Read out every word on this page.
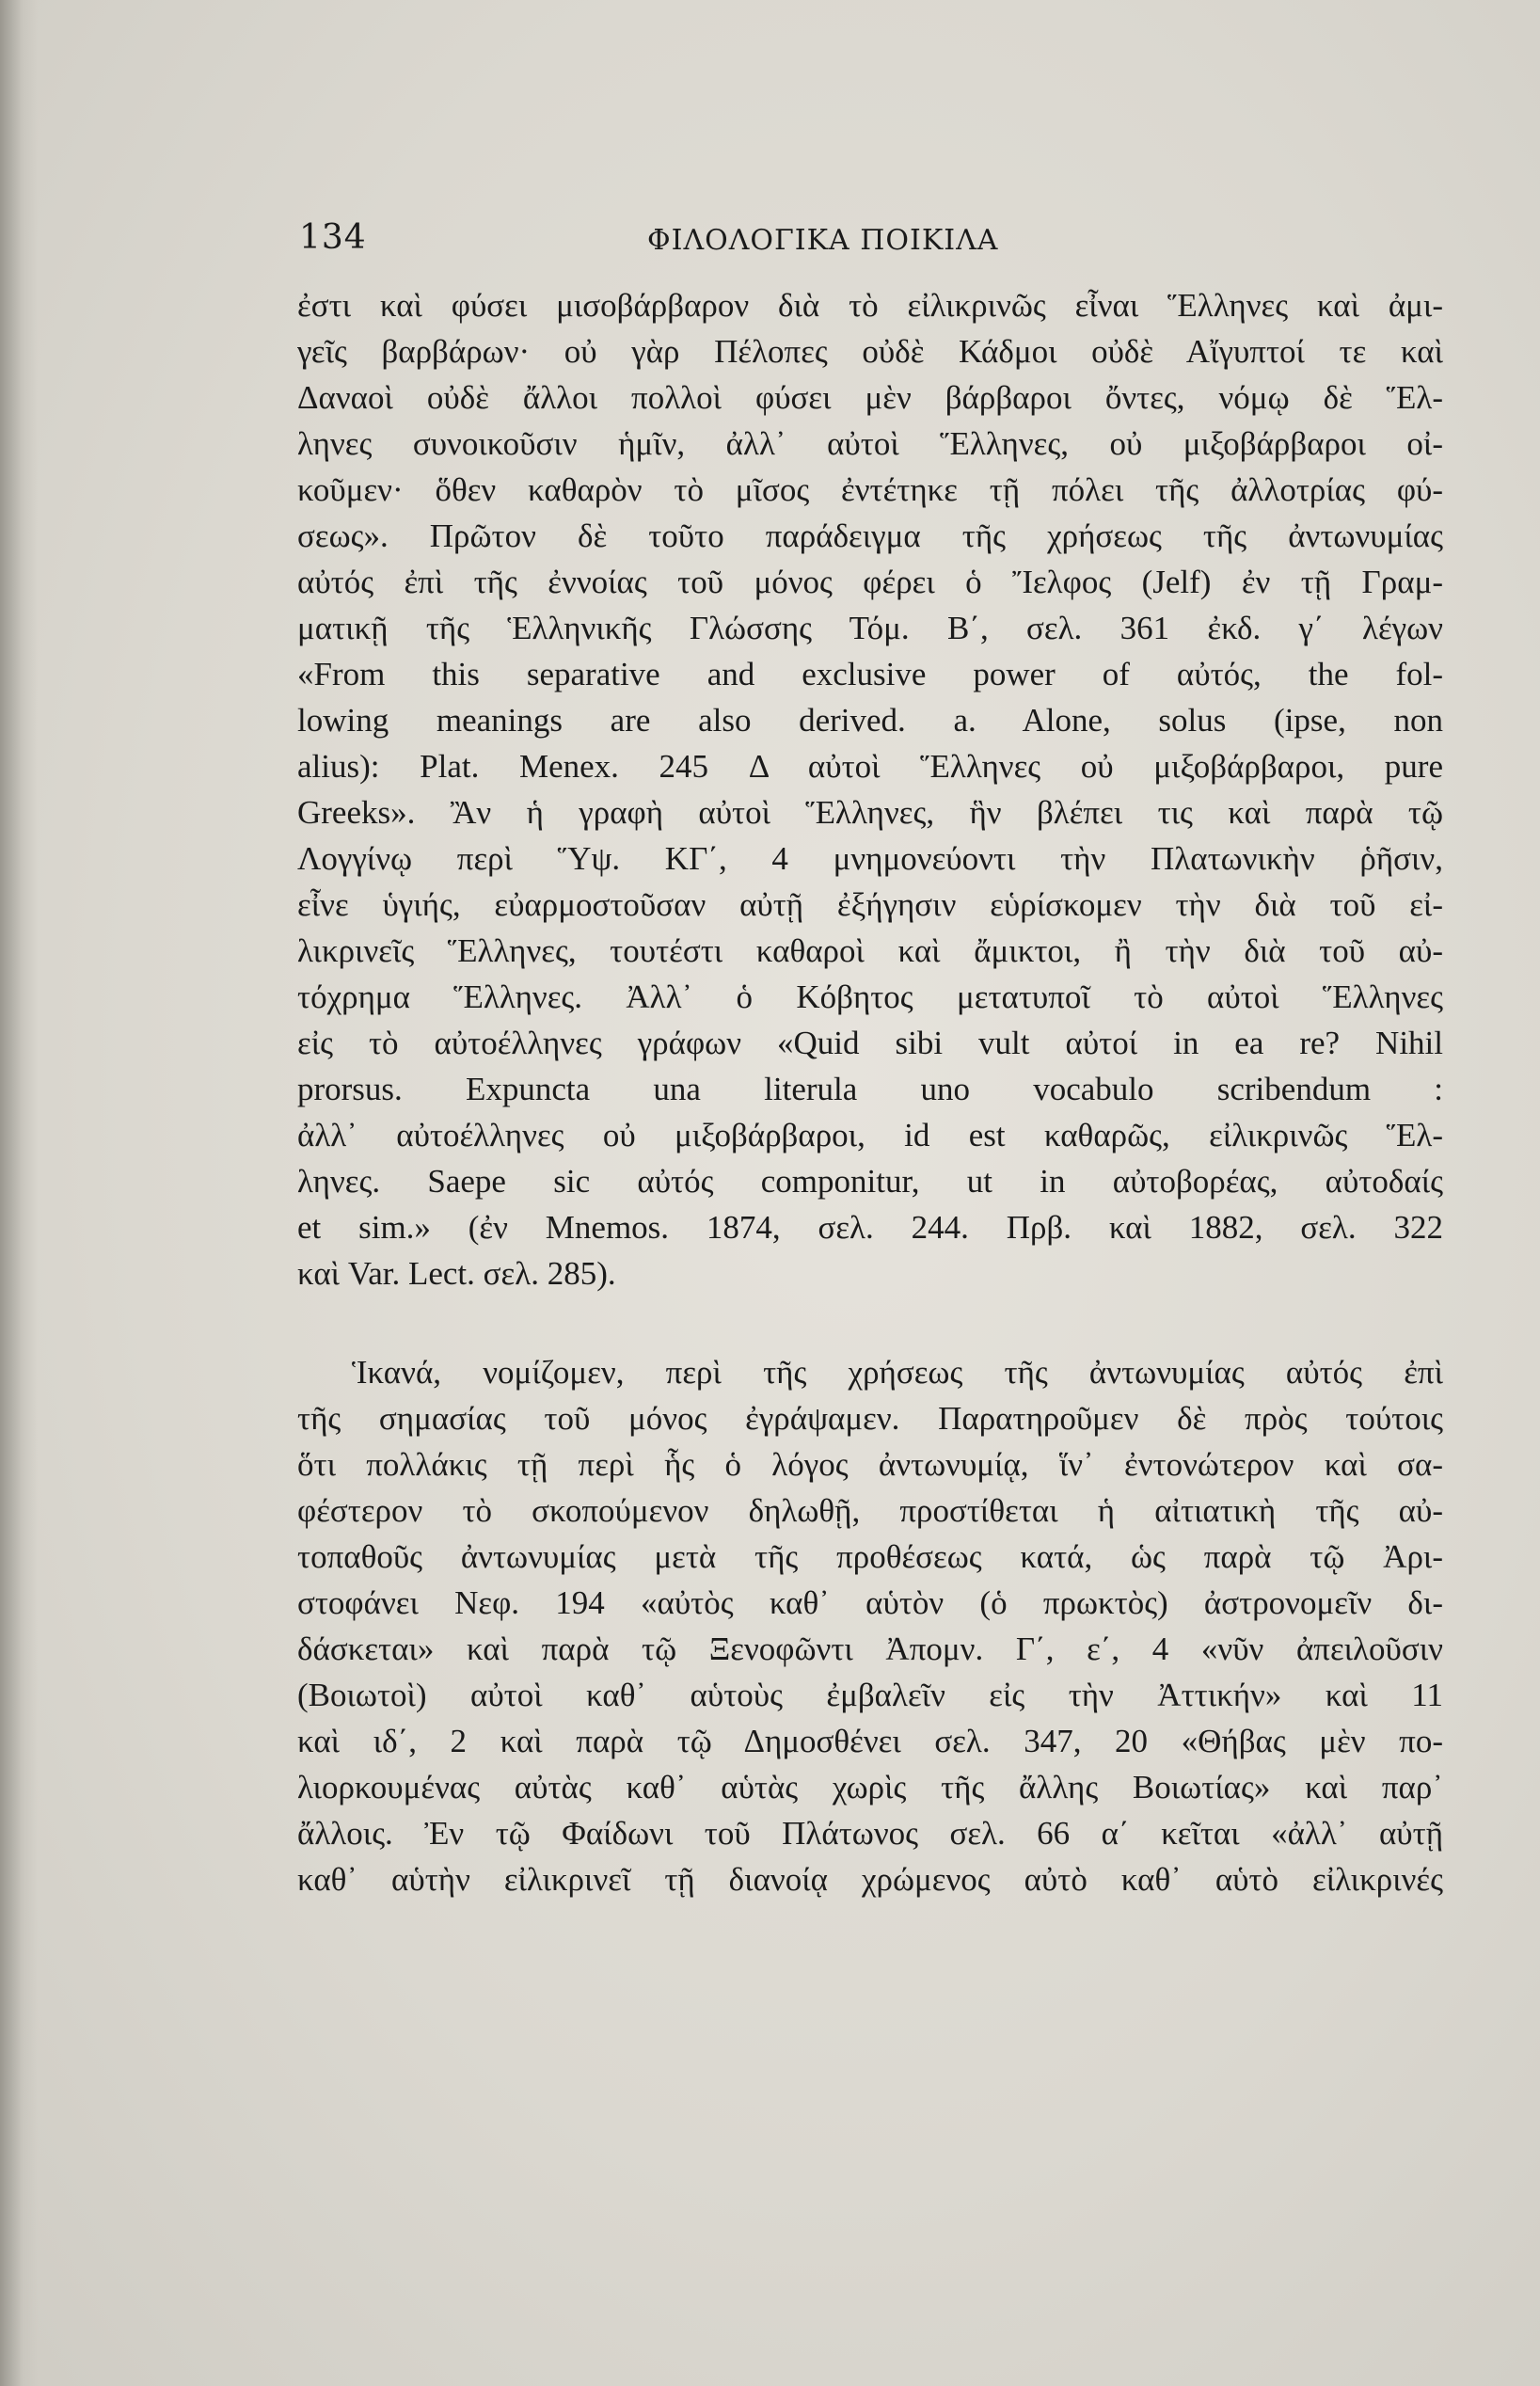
134	ΦΙΛΟΛΟΓΙΚΑ ΠΟΙΚΙΛΑ
ἐστι καὶ φύσει μισοβάρβαρον διὰ τὸ εἰλικρινῶς εἶναι Ἕλληνες καὶ ἀμι-
γεῖς βαρβάρων· οὐ γὰρ Πέλοπες οὐδὲ Κάδμοι οὐδὲ Αἴγυπτοί τε καὶ
Δαναοὶ οὐδὲ ἄλλοι πολλοὶ φύσει μὲν βάρβαροι ὄντες, νόμῳ δὲ Ἕλ-
ληνες συνοικοῦσιν ἡμῖν, ἀλλ᾽ αὐτοὶ Ἕλληνες, οὐ μιξοβάρβαροι οἰ-
κοῦμεν· ὅθεν καθαρὸν τὸ μῖσος ἐντέτηκε τῇ πόλει τῆς ἀλλοτρίας φύ-
σεως». Πρῶτον δὲ τοῦτο παράδειγμα τῆς χρήσεως τῆς ἀντωνυμίας
αὐτός ἐπὶ τῆς ἐννοίας τοῦ μόνος φέρει ὁ Ἴελφος (Jelf) ἐν τῇ Γραμ-
ματικῇ τῆς Ἑλληνικῆς Γλώσσης Τόμ. Β΄, σελ. 361 ἐκδ. γ΄ λέγων
«From this separative and exclusive power of αὐτός, the fol-
lowing meanings are also derived. a. Alone, solus (ipse, non
alius): Plat. Menex. 245 Δ αὐτοὶ Ἕλληνες οὐ μιξοβάρβαροι, pure
Greeks». Ἂν ἡ γραφὴ αὐτοὶ Ἕλληνες, ἣν βλέπει τις καὶ παρὰ τῷ
Λογγίνῳ περὶ Ὕψ. ΚΓ΄, 4 μνημονεύοντι τὴν Πλατωνικὴν ῥῆσιν,
εἶνε ὑγιής, εὐαρμοστοῦσαν αὐτῇ ἐξήγησιν εὑρίσκομεν τὴν διὰ τοῦ εἰ-
λικρινεῖς Ἕλληνες, τουτέστι καθαροὶ καὶ ἄμικτοι, ἢ τὴν διὰ τοῦ αὐ-
τόχρημα Ἕλληνες. Ἀλλ᾽ ὁ Κόβητος μετατυποῖ τὸ αὐτοὶ Ἕλληνες
εἰς τὸ αὐτοέλληνες γράφων «Quid sibi vult αὐτοί in ea re? Nihil
prorsus. Expuncta una literula uno vocabulo scribendum :
ἀλλ᾽ αὐτοέλληνες οὐ μιξοβάρβαροι, id est καθαρῶς, εἰλικρινῶς Ἕλ-
ληνες. Saepe sic αὐτός componitur, ut in αὐτοβορέας, αὐτοδαίς
et sim.» (ἐν Mnemos. 1874, σελ. 244. Πρβ. καὶ 1882, σελ. 322
καὶ Var. Lect. σελ. 285).
Ἱκανά, νομίζομεν, περὶ τῆς χρήσεως τῆς ἀντωνυμίας αὐτός ἐπὶ
τῆς σημασίας τοῦ μόνος ἐγράψαμεν. Παρατηροῦμεν δὲ πρὸς τούτοις
ὅτι πολλάκις τῇ περὶ ἧς ὁ λόγος ἀντωνυμίᾳ, ἵν᾽ ἐντονώτερον καὶ σα-
φέστερον τὸ σκοπούμενον δηλωθῇ, προστίθεται ἡ αἰτιατικὴ τῆς αὐ-
τοπαθοῦς ἀντωνυμίας μετὰ τῆς προθέσεως κατά, ὡς παρὰ τῷ Ἀρι-
στοφάνει Νεφ. 194 «αὐτὸς καθ᾽ αὑτὸν (ὁ πρωκτὸς) ἀστρονομεῖν δι-
δάσκεται» καὶ παρὰ τῷ Ξενοφῶντι Ἀπομν. Γ΄, ε΄, 4 «νῦν ἀπειλοῦσιν
(Βοιωτοὶ) αὐτοὶ καθ᾽ αὑτοὺς ἐμβαλεῖν εἰς τὴν Ἀττικήν» καὶ 11
καὶ ιδ΄, 2 καὶ παρὰ τῷ Δημοσθένει σελ. 347, 20 «Θήβας μὲν πο-
λιορκουμένας αὐτὰς καθ᾽ αὑτὰς χωρὶς τῆς ἄλλης Βοιωτίας» καὶ παρ᾽
ἄλλοις. Ἐν τῷ Φαίδωνι τοῦ Πλάτωνος σελ. 66 α΄ κεῖται «ἀλλ᾽ αὐτῇ
καθ᾽ αὑτὴν εἰλικρινεῖ τῇ διανοίᾳ χρώμενος αὐτὸ καθ᾽ αὑτὸ εἰλικρινές
